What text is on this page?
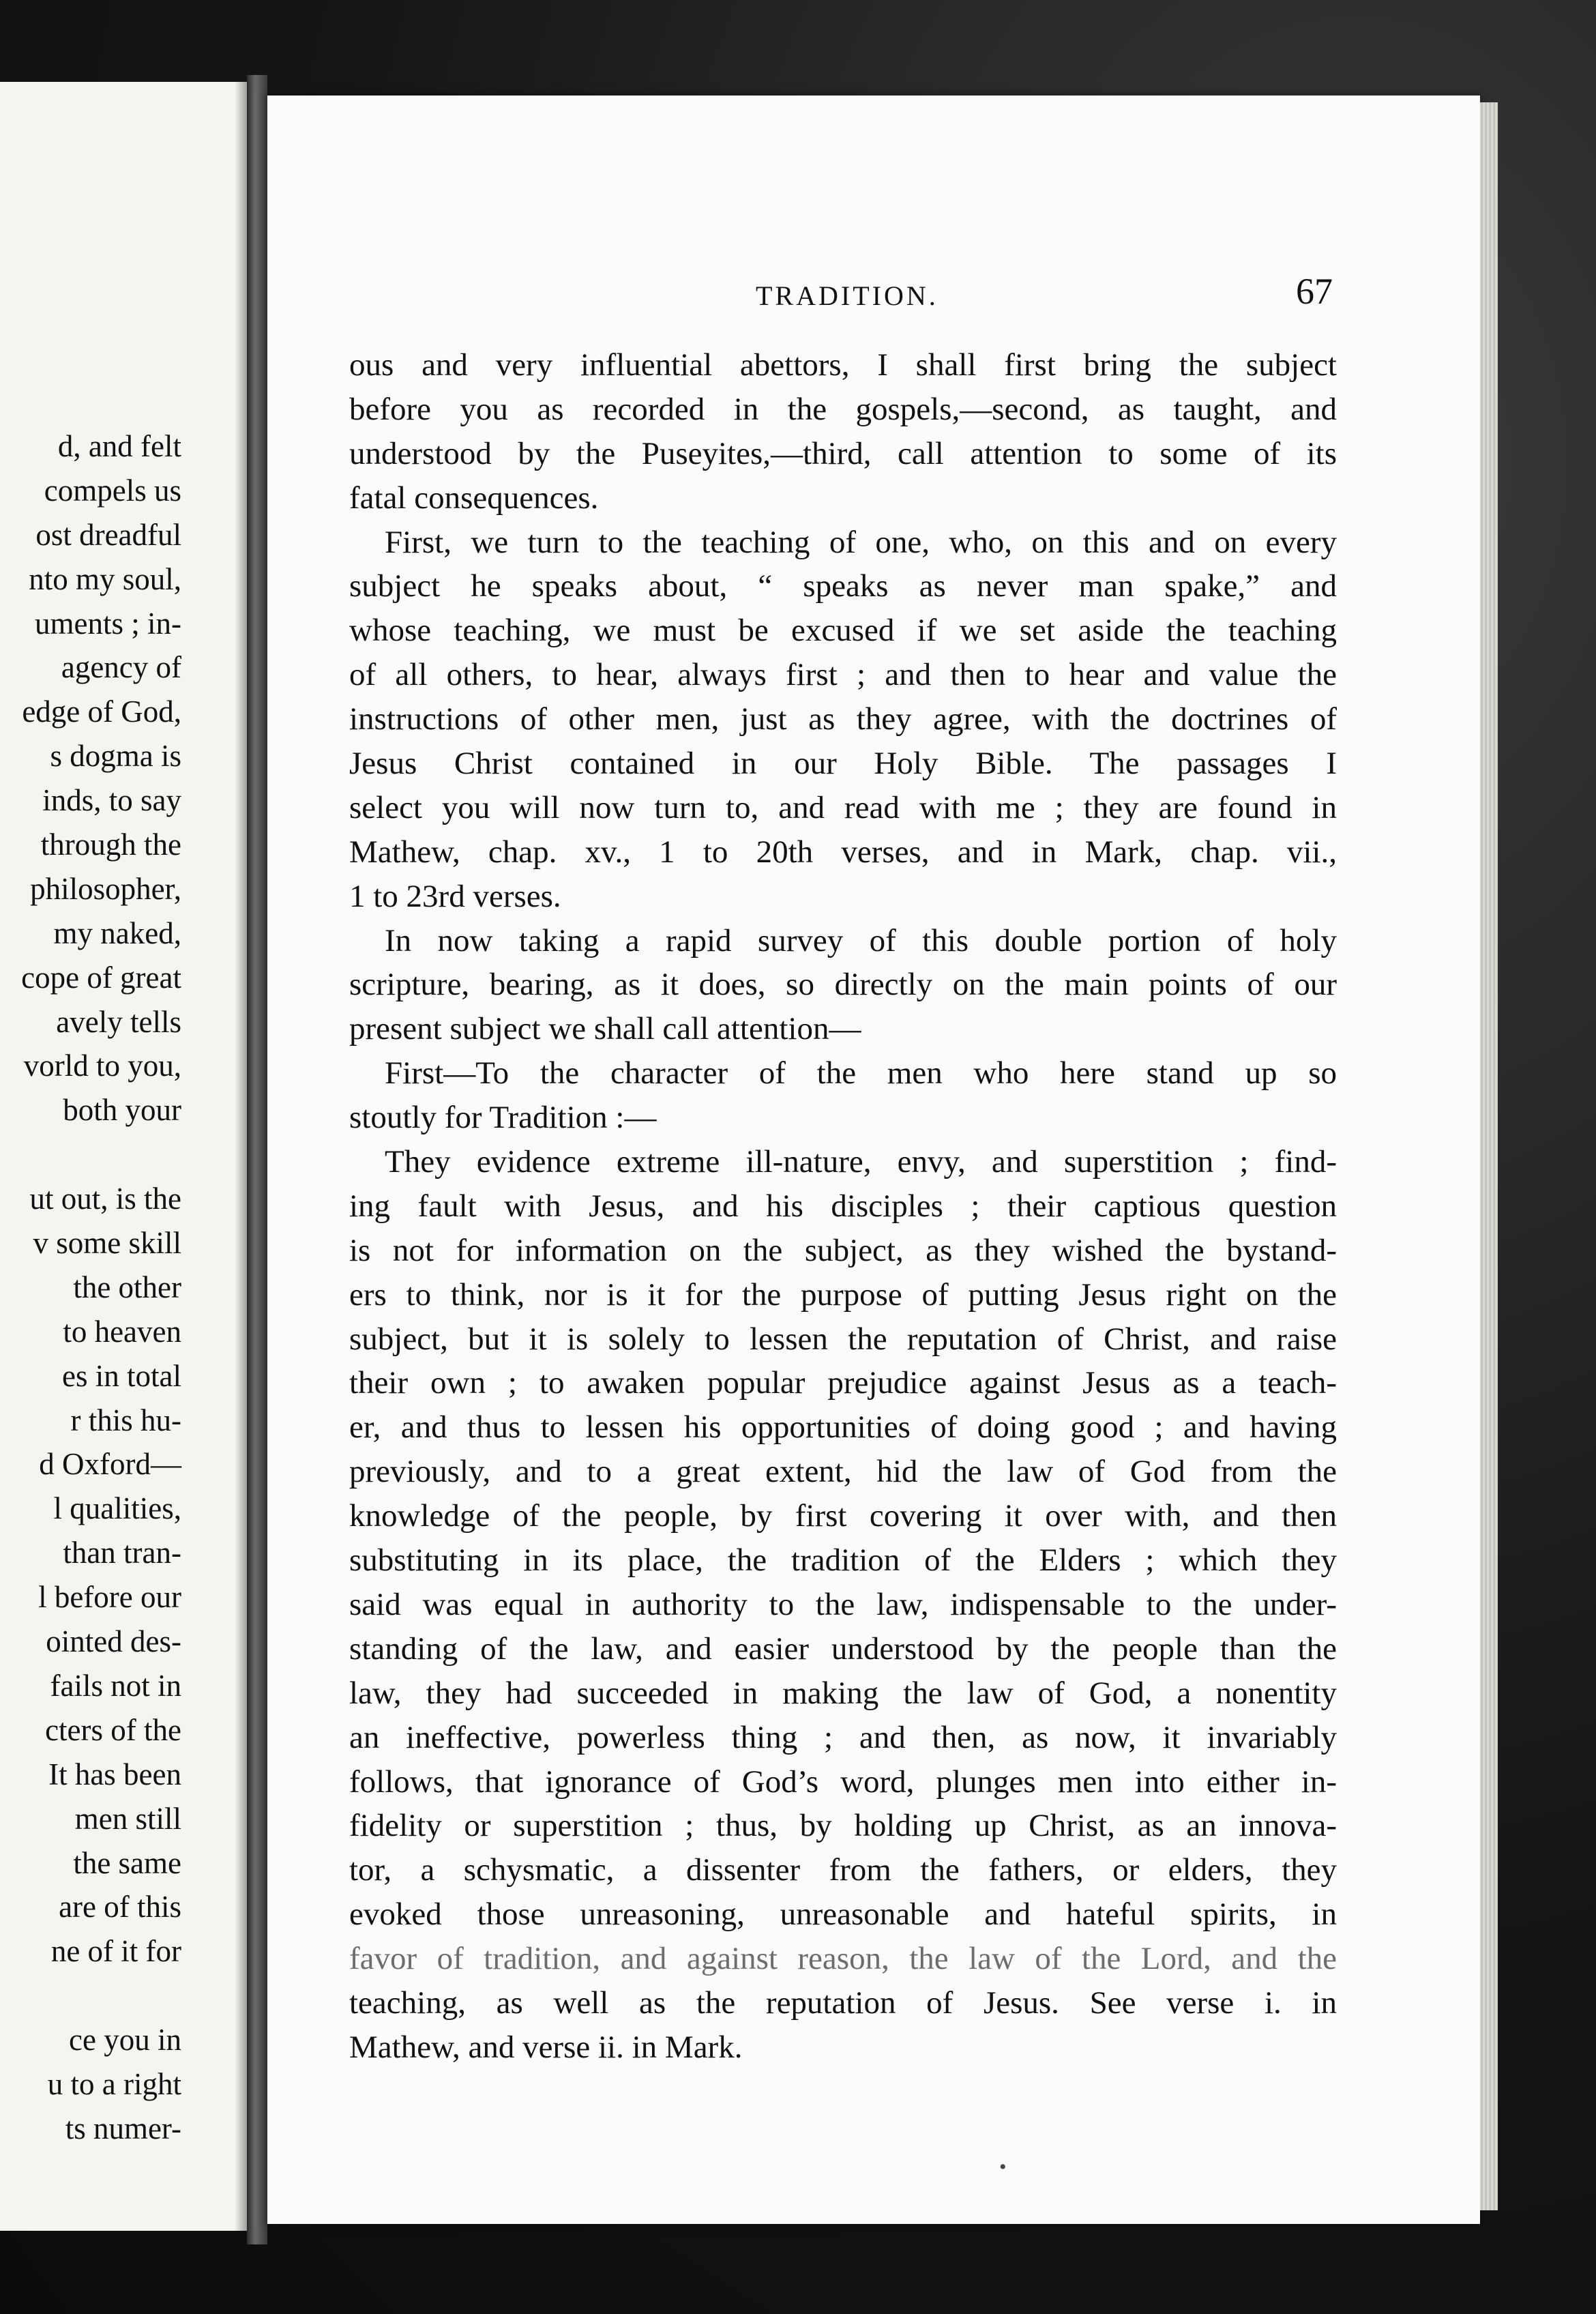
d, and felt
compels us
ost dreadful
nto my soul,
uments ; in-
agency of
edge of God,
s dogma is
inds, to say
through the
philosopher,
my naked,
cope of great
avely tells
vorld to you,
both your
ut out, is the
v some skill
the other
to heaven
es in total
r this hu-
d Oxford—
l qualities,
than tran-
l before our
ointed des-
fails not in
cters of the
It has been
men still
the same
are of this
ne of it for
ce you in
u to a right
ts numer-
TRADITION.	67
ous and very influential abettors, I shall first bring the subject
before you as recorded in the gospels,—second, as taught, and
understood by the Puseyites,—third, call attention to some of its
fatal consequences.
First, we turn to the teaching of one, who, on this and on every
subject he speaks about, “ speaks as never man spake,” and
whose teaching, we must be excused if we set aside the teaching
of all others, to hear, always first ; and then to hear and value the
instructions of other men, just as they agree, with the doctrines of
Jesus Christ contained in our Holy Bible. The passages I
select you will now turn to, and read with me ; they are found in
Mathew, chap. xv., 1 to 20th verses, and in Mark, chap. vii.,
1 to 23rd verses.
In now taking a rapid survey of this double portion of holy
scripture, bearing, as it does, so directly on the main points of our
present subject we shall call attention—
First—To the character of the men who here stand up so
stoutly for Tradition :—
They evidence extreme ill-nature, envy, and superstition ; find-
ing fault with Jesus, and his disciples ; their captious question
is not for information on the subject, as they wished the bystand-
ers to think, nor is it for the purpose of putting Jesus right on the
subject, but it is solely to lessen the reputation of Christ, and raise
their own ; to awaken popular prejudice against Jesus as a teach-
er, and thus to lessen his opportunities of doing good ; and having
previously, and to a great extent, hid the law of God from the
knowledge of the people, by first covering it over with, and then
substituting in its place, the tradition of the Elders ; which they
said was equal in authority to the law, indispensable to the under-
standing of the law, and easier understood by the people than the
law, they had succeeded in making the law of God, a nonentity
an ineffective, powerless thing ; and then, as now, it invariably
follows, that ignorance of God’s word, plunges men into either in-
fidelity or superstition ; thus, by holding up Christ, as an innova-
tor, a schysmatic, a dissenter from the fathers, or elders, they
evoked those unreasoning, unreasonable and hateful spirits, in
favor of tradition, and against reason, the law of the Lord, and the
teaching, as well as the reputation of Jesus. See verse i. in
Mathew, and verse ii. in Mark.
•
